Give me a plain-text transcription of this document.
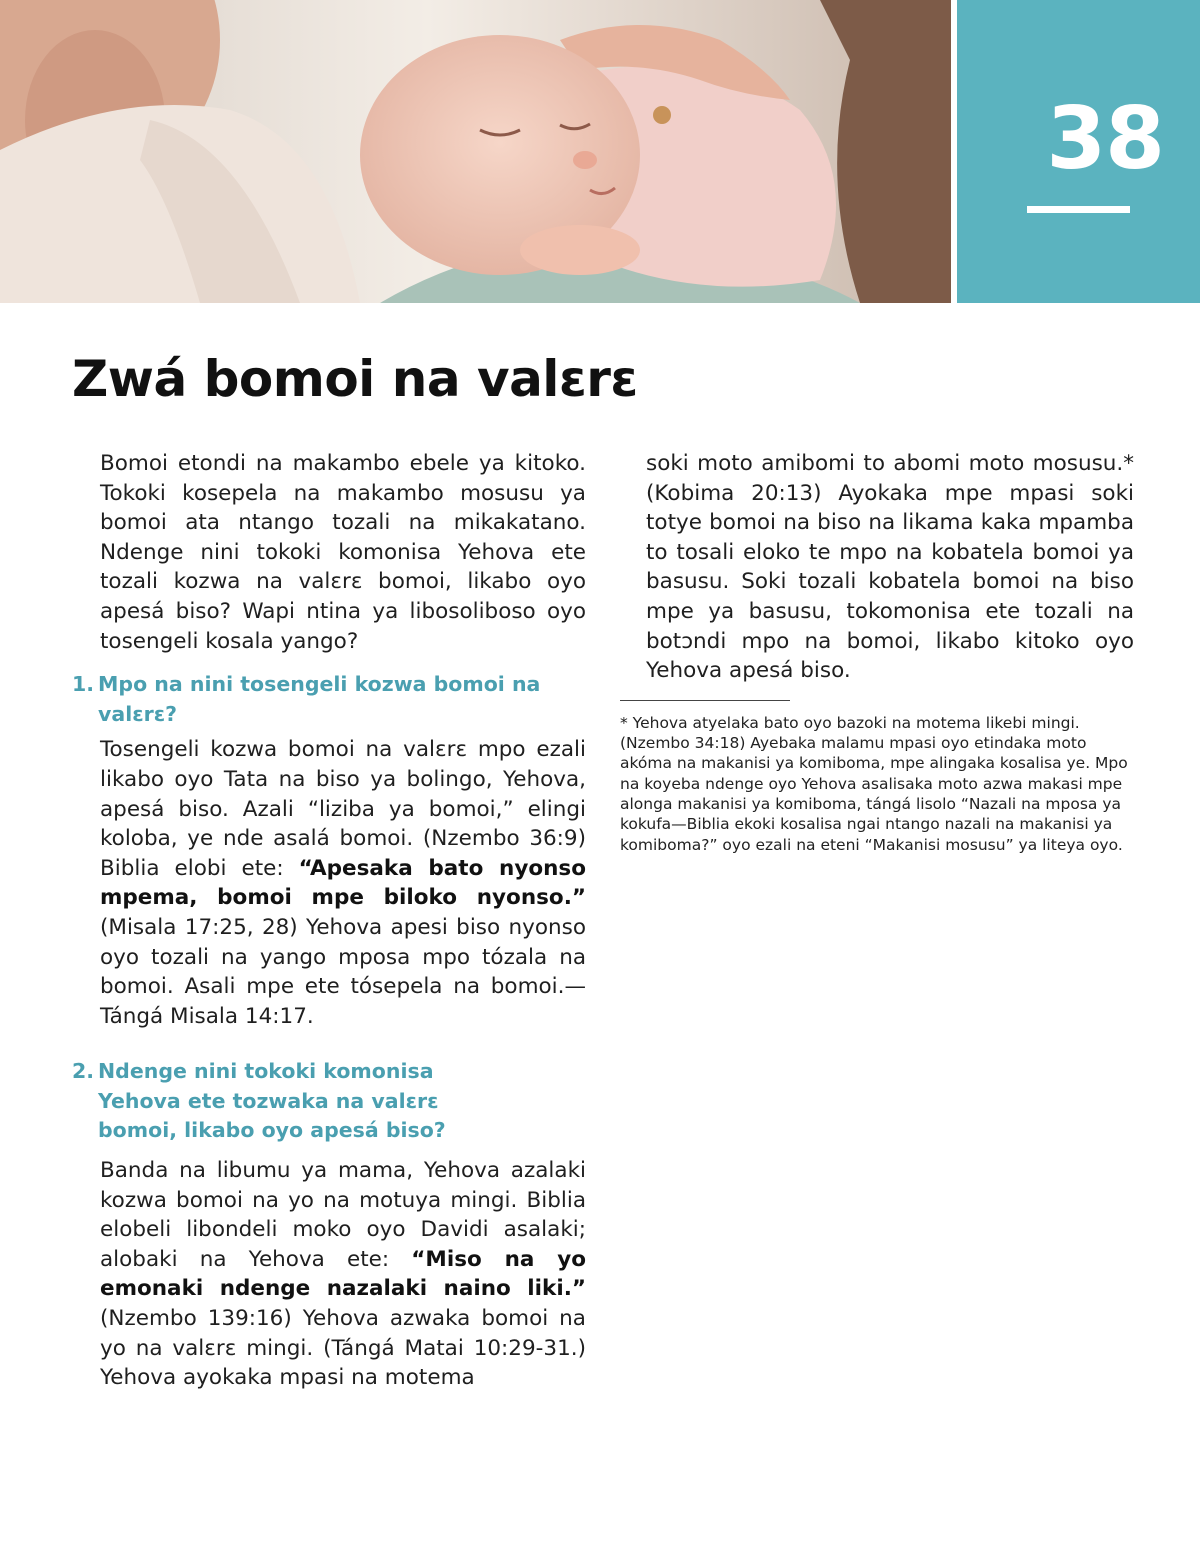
38
Zwá bomoi na valɛrɛ

Bomoi etondi na makambo ebele ya kitoko. Tokoki kosepela na makambo mosusu ya bomoi ata ntango tozali na mikakatano. Ndenge nini tokoki komonisa Yehova ete tozali kozwa na valɛrɛ bomoi, likabo oyo apesá biso? Wapi ntina ya libosoliboso oyo tosengeli kosala yango?

1. Mpo na nini tosengeli kozwa bomoi na valɛrɛ?

Tosengeli kozwa bomoi na valɛrɛ mpo ezali likabo oyo Tata na biso ya bolingo, Yehova, apesá biso. Azali “liziba ya bomoi,” elingi koloba, ye nde asalá bomoi. (Nzembo 36:9) Biblia elobi ete: “Apesaka bato nyonso mpema, bomoi mpe biloko nyonso.” (Misala 17:25, 28) Yehova apesi biso nyonso oyo tozali na yango mposa mpo tózala na bomoi. Asali mpe ete tósepela na bomoi.—Tángá Misala 14:17.

2. Ndenge nini tokoki komonisa Yehova ete tozwaka na valɛrɛ bomoi, likabo oyo apesá biso?

Banda na libumu ya mama, Yehova azalaki kozwa bomoi na yo na motuya mingi. Biblia elobeli libondeli moko oyo Davidi asalaki; alobaki na Yehova ete: “Miso na yo emonaki ndenge nazalaki naino liki.” (Nzembo 139:16) Yehova azwaka bomoi na yo na valɛrɛ mingi. (Tángá Matai 10:29-31.) Yehova ayokaka mpasi na motema

soki moto amibomi to abomi moto mosusu.* (Kobima 20:13) Ayokaka mpe mpasi soki totye bomoi na biso na likama kaka mpamba to tosali eloko te mpo na kobatela bomoi ya basusu. Soki tozali kobatela bomoi na biso mpe ya basusu, tokomonisa ete tozali na botɔndi mpo na bomoi, likabo kitoko oyo Yehova apesá biso.

* Yehova atyelaka bato oyo bazoki na motema likebi mingi. (Nzembo 34:18) Ayebaka malamu mpasi oyo etindaka moto akóma na makanisi ya komiboma, mpe alingaka kosalisa ye. Mpo na koyeba ndenge oyo Yehova asalisaka moto azwa makasi mpe alonga makanisi ya komiboma, tángá lisolo “Nazali na mposa ya kokufa—Biblia ekoki kosalisa ngai ntango nazali na makanisi ya komiboma?” oyo ezali na eteni “Makanisi mosusu” ya liteya oyo.
